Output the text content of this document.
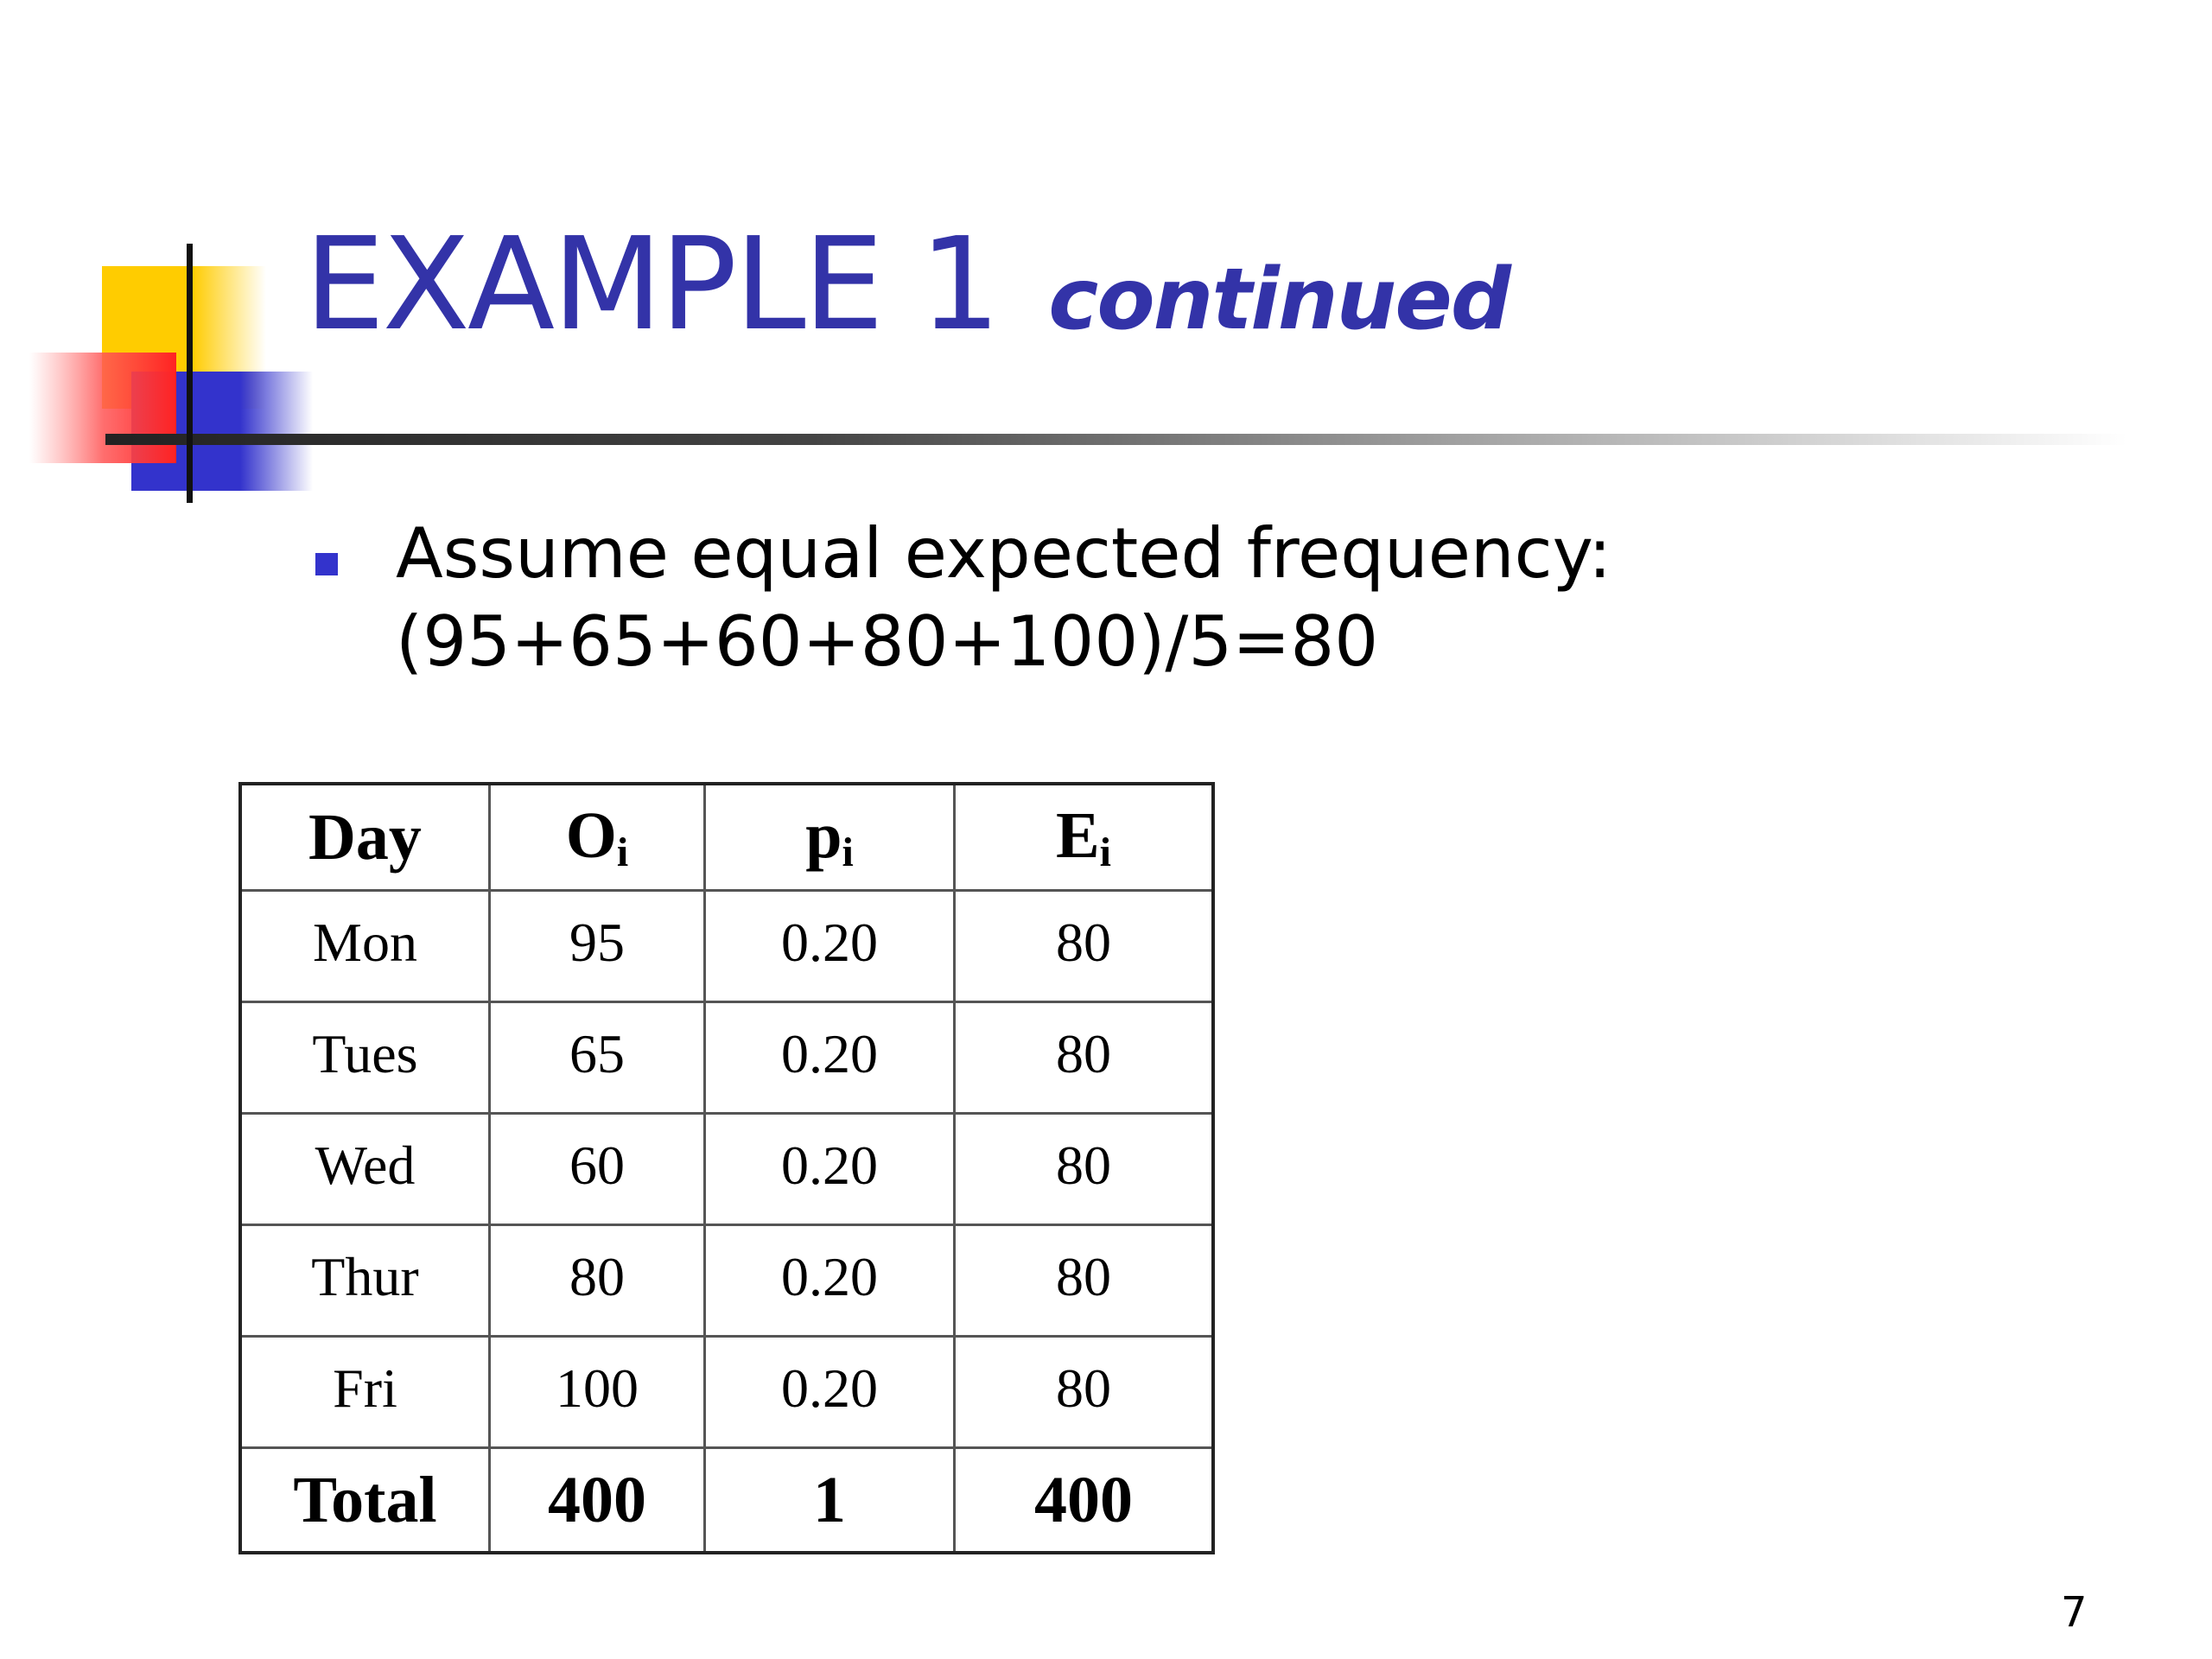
EXAMPLE 1 continued
Assume equal expected frequency:
(95+65+60+80+100)/5=80
Day	$O_i$	$p_i$	$E_i$
Mon	95	0.20	80
Tues	65	0.20	80
Wed	60	0.20	80
Thur	80	0.20	80
Fri	100	0.20	80
Total	400	1	400
7
